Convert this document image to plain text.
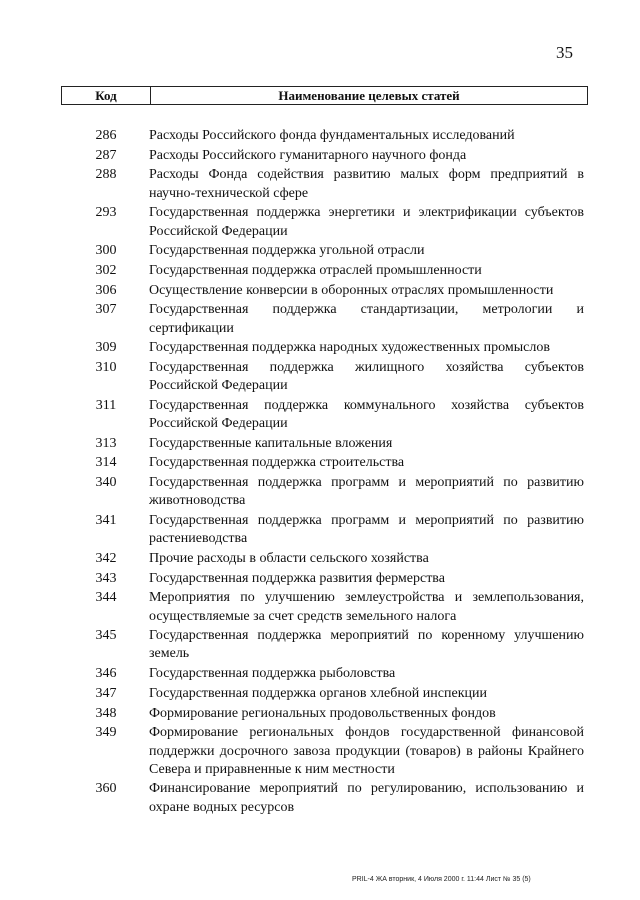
35
Код	Наименование целевых статей
286	Расходы Российского фонда фундаментальных исследований
287	Расходы Российского гуманитарного научного фонда
288	Расходы Фонда содействия развитию малых форм предприятий в научно-технической сфере
293	Государственная поддержка энергетики и электрификации субъектов Российской Федерации
300	Государственная поддержка угольной отрасли
302	Государственная поддержка отраслей промышленности
306	Осуществление конверсии в оборонных отраслях промышленности
307	Государственная поддержка стандартизации, метрологии и сертификации
309	Государственная поддержка народных художественных промыслов
310	Государственная поддержка жилищного хозяйства субъектов Российской Федерации
311	Государственная поддержка коммунального хозяйства субъектов Российской Федерации
313	Государственные капитальные вложения
314	Государственная поддержка строительства
340	Государственная поддержка программ и мероприятий по развитию животноводства
341	Государственная поддержка программ и мероприятий по развитию растениеводства
342	Прочие расходы в области сельского хозяйства
343	Государственная поддержка развития фермерства
344	Мероприятия по улучшению землеустройства и землепользования, осуществляемые за счет средств земельного налога
345	Государственная поддержка мероприятий по коренному улучшению земель
346	Государственная поддержка рыболовства
347	Государственная поддержка органов хлебной инспекции
348	Формирование региональных продовольственных фондов
349	Формирование региональных фондов государственной финансовой поддержки досрочного завоза продукции (товаров) в районы Крайнего Севера и приравненные к ним местности
360	Финансирование мероприятий по регулированию, использованию и охране водных ресурсов
PRIL-4 ЖА вторник, 4 Июля 2000 г. 11:44 Лист № 35 (5)
